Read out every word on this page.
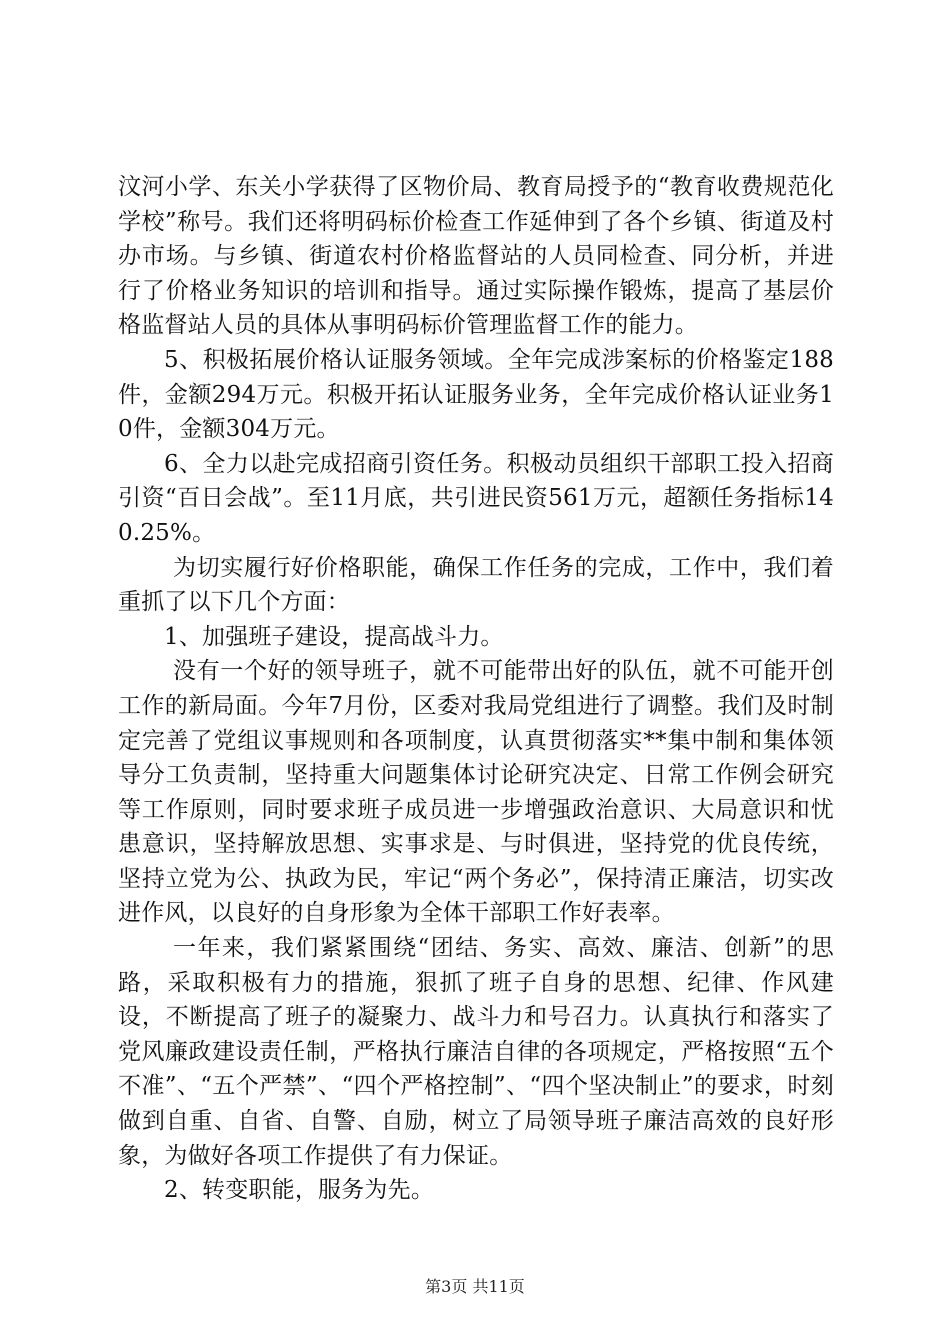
汶河小学、东关小学获得了区物价局、教育局授予的“教育收费规范化学校”称号。我们还将明码标价检查工作延伸到了各个乡镇、街道及村办市场。与乡镇、街道农村价格监督站的人员同检查、同分析，并进行了价格业务知识的培训和指导。通过实际操作锻炼，提高了基层价格监督站人员的具体从事明码标价管理监督工作的能力。

5、积极拓展价格认证服务领域。全年完成涉案标的价格鉴定188件，金额294万元。积极开拓认证服务业务，全年完成价格认证业务10件，金额304万元。

6、全力以赴完成招商引资任务。积极动员组织干部职工投入招商引资“百日会战”。至11月底，共引进民资561万元，超额任务指标140.25%。

为切实履行好价格职能，确保工作任务的完成，工作中，我们着重抓了以下几个方面：

1、加强班子建设，提高战斗力。

没有一个好的领导班子，就不可能带出好的队伍，就不可能开创工作的新局面。今年7月份，区委对我局党组进行了调整。我们及时制定完善了党组议事规则和各项制度，认真贯彻落实**集中制和集体领导分工负责制，坚持重大问题集体讨论研究决定、日常工作例会研究等工作原则，同时要求班子成员进一步增强政治意识、大局意识和忧患意识，坚持解放思想、实事求是、与时俱进，坚持党的优良传统，坚持立党为公、执政为民，牢记“两个务必”，保持清正廉洁，切实改进作风，以良好的自身形象为全体干部职工作好表率。

一年来，我们紧紧围绕“团结、务实、高效、廉洁、创新”的思路，采取积极有力的措施，狠抓了班子自身的思想、纪律、作风建设，不断提高了班子的凝聚力、战斗力和号召力。认真执行和落实了党风廉政建设责任制，严格执行廉洁自律的各项规定，严格按照“五个不准”、“五个严禁”、“四个严格控制”、“四个坚决制止”的要求，时刻做到自重、自省、自警、自励，树立了局领导班子廉洁高效的良好形象，为做好各项工作提供了有力保证。

2、转变职能，服务为先。

第3页 共11页
